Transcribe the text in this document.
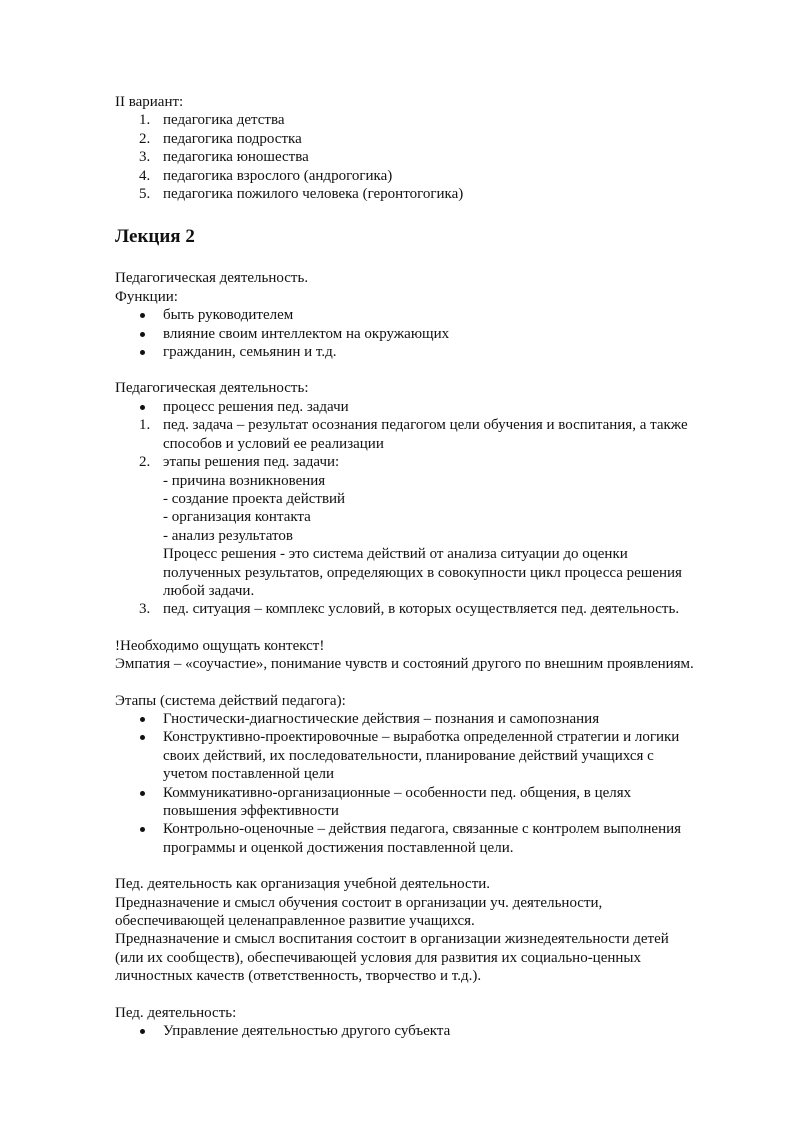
II вариант:

1. педагогика детства
2. педагогика подростка
3. педагогика юношества
4. педагогика взрослого (андрогогика)
5. педагогика пожилого человека (геронтогогика)

Лекция 2

Педагогическая деятельность.

Функции:

быть руководителем
влияние своим интеллектом на окружающих
гражданин, семьянин и т.д.

Педагогическая деятельность:

процесс решения пед. задачи
1. пед. задача – результат осознания педагогом цели обучения и воспитания, а также

способов и условий ее реализации

2. этапы решения пед. задачи:

- причина возникновения

- создание проекта действий

- организация контакта

- анализ результатов

Процесс решения - это система действий от анализа ситуации до оценки

полученных результатов, определяющих в совокупности цикл процесса решения

любой задачи.

3. пед. ситуация – комплекс условий, в которых осуществляется пед. деятельность.

!Необходимо ощущать контекст!

Эмпатия – «соучастие», понимание чувств и состояний другого по внешним проявлениям.

Этапы (система действий педагога):

Гностически-диагностические действия – познания и самопознания

Конструктивно-проектировочные – выработка определенной стратегии и логики

своих действий, их последовательности, планирование действий учащихся с

учетом поставленной цели

Коммуникативно-организационные – особенности пед. общения, в целях

повышения эффективности

Контрольно-оценочные – действия педагога, связанные с контролем выполнения

программы и оценкой достижения поставленной цели.

Пед. деятельность как организация учебной деятельности.

Предназначение и смысл обучения состоит в организации уч. деятельности,

обеспечивающей целенаправленное развитие учащихся.

Предназначение и смысл воспитания состоит в организации жизнедеятельности детей

(или их сообществ), обеспечивающей условия для развития их социально-ценных

личностных качеств (ответственность, творчество и т.д.).

Пед. деятельность:

Управление деятельностью другого субъекта
